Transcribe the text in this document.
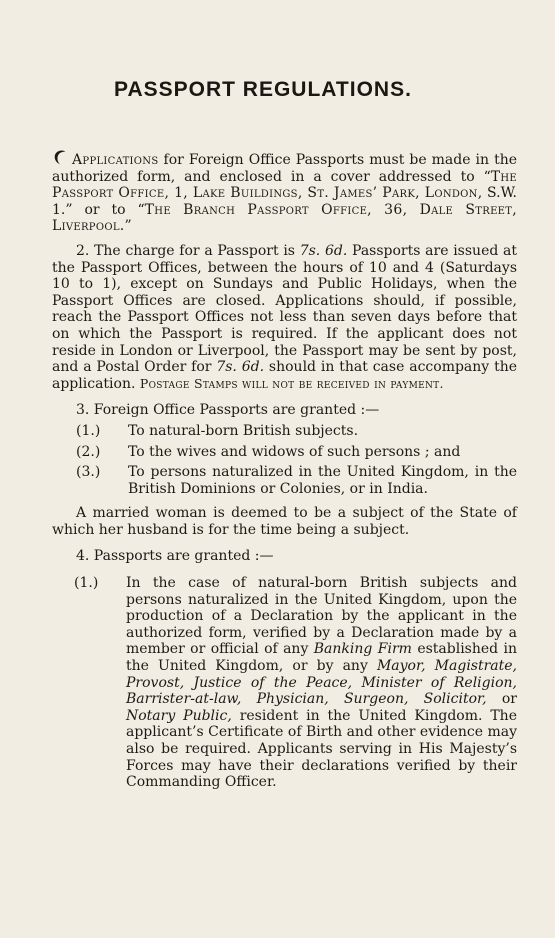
PASSPORT REGULATIONS.

Applications for Foreign Office Passports must be made in the authorized form, and enclosed in a cover addressed to “The Passport Office, 1, Lake Buildings, St. James’ Park, London, S.W. 1.” or to “The Branch Passport Office, 36, Dale Street, Liverpool.”

2. The charge for a Passport is 7s. 6d. Passports are issued at the Passport Offices, between the hours of 10 and 4 (Saturdays 10 to 1), except on Sundays and Public Holidays, when the Passport Offices are closed. Applications should, if possible, reach the Passport Offices not less than seven days before that on which the Passport is required. If the applicant does not reside in London or Liverpool, the Passport may be sent by post, and a Postal Order for 7s. 6d. should in that case accompany the application. Postage Stamps will not be received in payment.

3. Foreign Office Passports are granted :—

(1.)	To natural-born British subjects.
(2.)	To the wives and widows of such persons ; and
(3.)	To persons naturalized in the United Kingdom, in the British Dominions or Colonies, or in India.

A married woman is deemed to be a subject of the State of which her husband is for the time being a subject.

4. Passports are granted :—

(1.)	In the case of natural-born British subjects and persons naturalized in the United Kingdom, upon the production of a Declaration by the applicant in the authorized form, verified by a Declaration made by a member or official of any Banking Firm established in the United Kingdom, or by any Mayor, Magistrate, Provost, Justice of the Peace, Minister of Religion, Barrister-at-law, Physician, Surgeon, Solicitor, or Notary Public, resident in the United Kingdom. The applicant’s Certificate of Birth and other evidence may also be required. Applicants serving in His Majesty’s Forces may have their declarations verified by their Commanding Officer.
